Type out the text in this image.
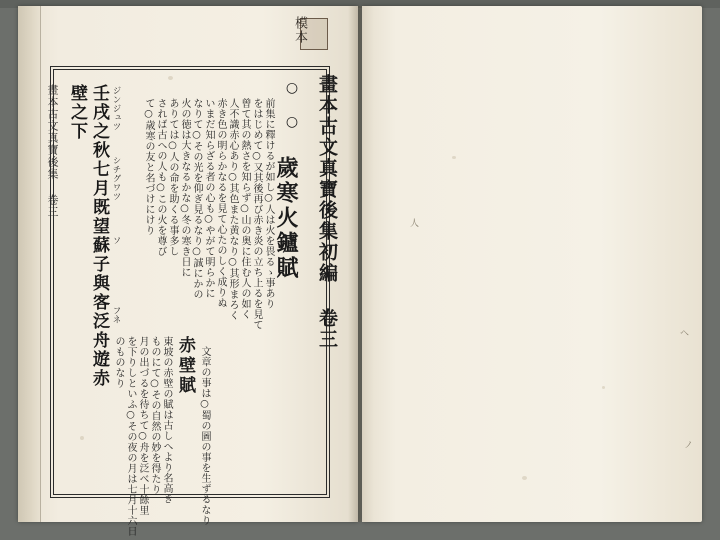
人
ヘ
ノ
畫本古文真寶後集 卷三
模本
畫本古文真寶後集初編 卷三
○ ○
歲寒火鑪賦
前集に釋けるが如し○人は火を畏るゝ事あり
をはじめて○又其後再び赤き炎の立ち上るを見て
曾て其の熱さを知らず○山の奥に住む人の如く
人不識赤心あり○其色また黄なり○其形まろく
赤き色の明らかなるを見て心たのしく成りぬ
いまだ知らざる者の心も○やがて明らかに
なりて○その光を仰ぎ見るなり○誠にかの
火の徳は大きなるかな○冬の寒き日に
ありては○人の命を助くる事多し
されば古への人も○この火を尊び
て○歳寒の友と名づけにけり
壬戌之秋七月既望蘇子與客泛舟遊赤
壁之下	ジンジュツ
シチグワツ
ソ
フネ
赤壁賦 文章の事は○蜀の圖の事を生ずるなり
東坡の赤壁の賦は古しへより名高き
ものにて○その自然の妙を得たり
月の出づるを待ちて○舟を泛べ十餘里
を下りしといふ○その夜の月は七月十六日
のものなり
